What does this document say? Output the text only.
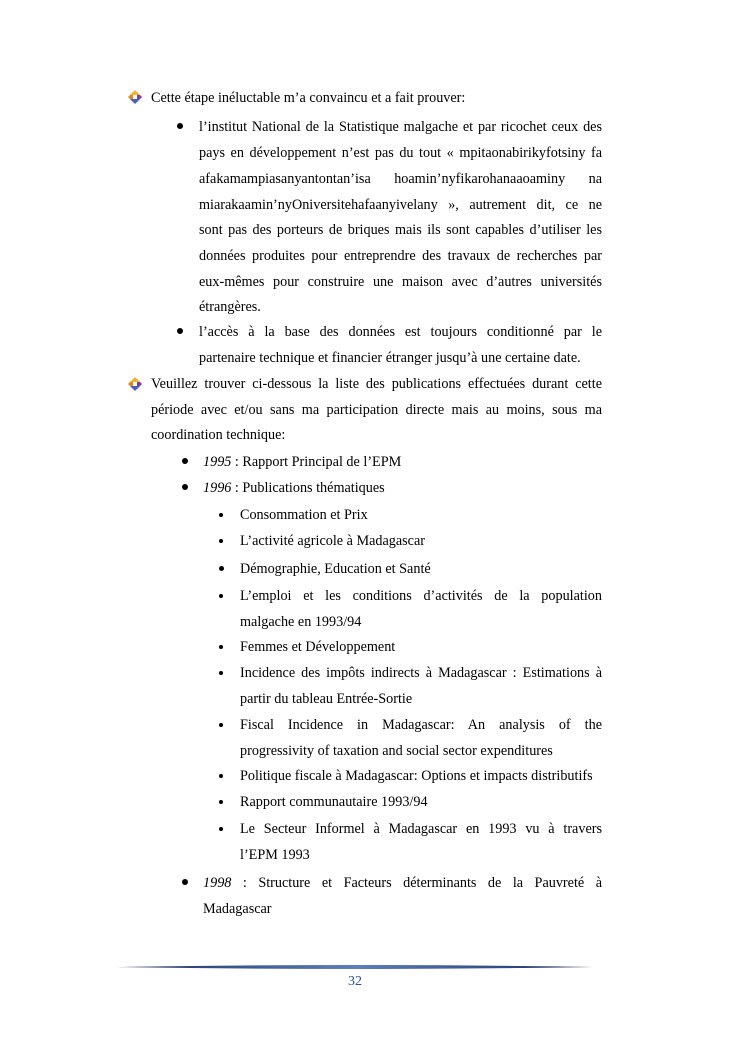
Cette étape inéluctable m’a convaincu et a fait prouver:
l’institut National de la Statistique malgache et par ricochet ceux des
pays en développement n’est pas du tout « mpitaonabirikyfotsiny fa
afakamampiasanyantontan’isa hoamin’nyfikarohanaaoaminy na
miarakaamin’nyOniversitehafaanyivelany », autrement dit, ce ne
sont pas des porteurs de briques mais ils sont capables d’utiliser les
données produites pour entreprendre des travaux de recherches par
eux-mêmes pour construire une maison avec d’autres universités
étrangères.
l’accès à la base des données est toujours conditionné par le
partenaire technique et financier étranger jusqu’à une certaine date.
Veuillez trouver ci-dessous la liste des publications effectuées durant cette
période avec et/ou sans ma participation directe mais au moins, sous ma
coordination technique:
1995 : Rapport Principal de l’EPM
1996 : Publications thématiques
Consommation et Prix
L’activité agricole à Madagascar
Démographie, Education et Santé
L’emploi et les conditions d’activités de la population
malgache en 1993/94
Femmes et Développement
Incidence des impôts indirects à Madagascar : Estimations à
partir du tableau Entrée-Sortie
Fiscal Incidence in Madagascar: An analysis of the
progressivity of taxation and social sector expenditures
Politique fiscale à Madagascar: Options et impacts distributifs
Rapport communautaire 1993/94
Le Secteur Informel à Madagascar en 1993 vu à travers
l’EPM 1993
1998 : Structure et Facteurs déterminants de la Pauvreté à
Madagascar
32
